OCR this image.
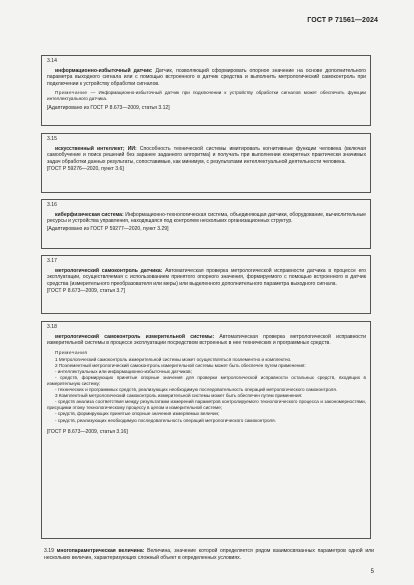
ГОСТ Р 71561—2024
3.14

информационно-избыточный датчик: Датчик, позволяющий сформировать опорное значение на основе дополнительного параметра выходного сигнала или с помощью встроенного в датчик средства и выполнить метрологический самоконтроль при подключении к устройству обработки сигналов.

Примечание — Информационно-избыточный датчик при подключении к устройству обработки сигналов может обеспечить функции интеллектуального датчика.

[Адаптировано из ГОСТ Р 8.673—2009, статья 3.12]

3.15

искусственный интеллект; ИИ: Способность технической системы имитировать когнитивные функции человека (включая самообучение и поиск решений без заранее заданного алгоритма) и получать при выполнении конкретных практически значимых задач обработки данных результаты, сопоставимые, как минимум, с результатами интеллектуальной деятельности человека.

[ГОСТ Р 59276—2020, пункт 3.6]

3.16

киберфизическая система: Информационно-технологическая система, объединяющая датчики, оборудование, вычислительные ресурсы и устройства управления, находящаяся под контролем нескольких организационных структур.

[Адаптировано из ГОСТ Р 59277—2020, пункт 3.29]

3.17

метрологический самоконтроль датчика: Автоматическая проверка метрологической исправности датчика в процессе его эксплуатации, осуществляемая с использованием принятого опорного значения, формируемого с помощью встроенного в датчик средства (измерительного преобразователя или меры) или выделенного дополнительного параметра выходного сигнала.

[ГОСТ Р 8.673—2009, статья 3.7]

3.18

метрологический самоконтроль измерительной системы: Автоматическая проверка метрологической исправности измерительной системы в процессе эксплуатации посредством встроенных в нее технических и программных средств.

Примечания

1 Метрологический самоконтроль измерительной системы может осуществляться позлементно и комплектно.

2 Поэлементный метрологический самоконтроль измерительной системы может быть обеспечен путем применения:

- интеллектуальных или информационно-избыточных датчиков;

- средств, формирующих принятые опорные значения для проверки метрологической исправности остальных средств, входящих в измерительную систему;

- технических и программных средств, реализующих необходимую последовательность операций метрологического самоконтроля.

3 Комплектный метрологический самоконтроль измерительной системы может быть обеспечен путем применения:

- средств анализа соответствия между результатами измерений параметров контролируемого технологического процесса и закономерностями, присущими этому технологическому процессу в целом и измерительной системе;

- средств, формирующих принятые опорные значения измеряемых величин;

- средств, реализующих необходимую последовательность операций метрологического самоконтроля.

[ГОСТ Р 8.673—2009, статья 3.16]

3.19 многопараметрическая величина: Величина, значение которой определяется рядом взаимосвязанных параметров одной или нескольких величин, характеризующих сложный объект в определенных условиях.

5
